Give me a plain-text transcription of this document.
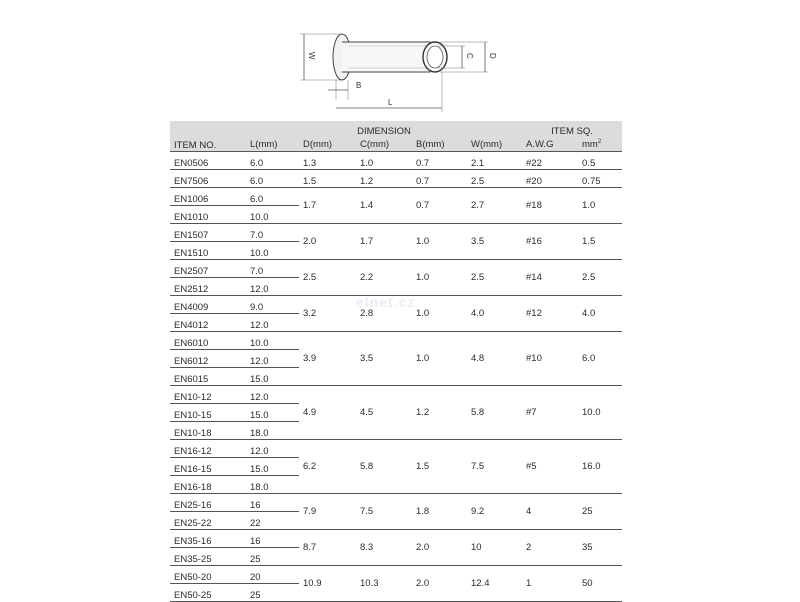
W	C D
B
L
elnet.cz
ITEM NO.	DIMENSION					ITEM SQ.	
	L(mm)	D(mm)	C(mm)	B(mm)	W(mm)	A.W.G	$mm^2$
EN0506	6.0	1.3	1.0	0.7	2.1	#22	0.5
EN7506	6.0	1.5	1.2	0.7	2.5	#20	0.75
EN1006	6.0	1.7	1.4	0.7	2.7	#18	1.0
EN1010	10.0						
EN1507	7.0	2.0	1.7	1.0	3.5	#16	1.5
EN1510	10.0						
EN2507	7.0	2.5	2.2	1.0	2.5	#14	2.5
EN2512	12.0						
EN4009	9.0	3.2	2.8	1.0	4.0	#12	4.0
EN4012	12.0						
EN6010	10.0	3.9	3.5	1.0	4.8	#10	6.0
EN6012	12.0						
EN6015	15.0						
EN10-12	12.0	4.9	4.5	1.2	5.8	#7	10.0
EN10-15	15.0						
EN10-18	18.0						
EN16-12	12.0	6.2	5.8	1.5	7.5	#5	16.0
EN16-15	15.0						
EN16-18	18.0						
EN25-16	16	7.9	7.5	1.8	9.2	4	25
EN25-22	22						
EN35-16	16	8.7	8.3	2.0	10	2	35
EN35-25	25						
EN50-20	20	10.9	10.3	2.0	12.4	1	50
EN50-25	25						
